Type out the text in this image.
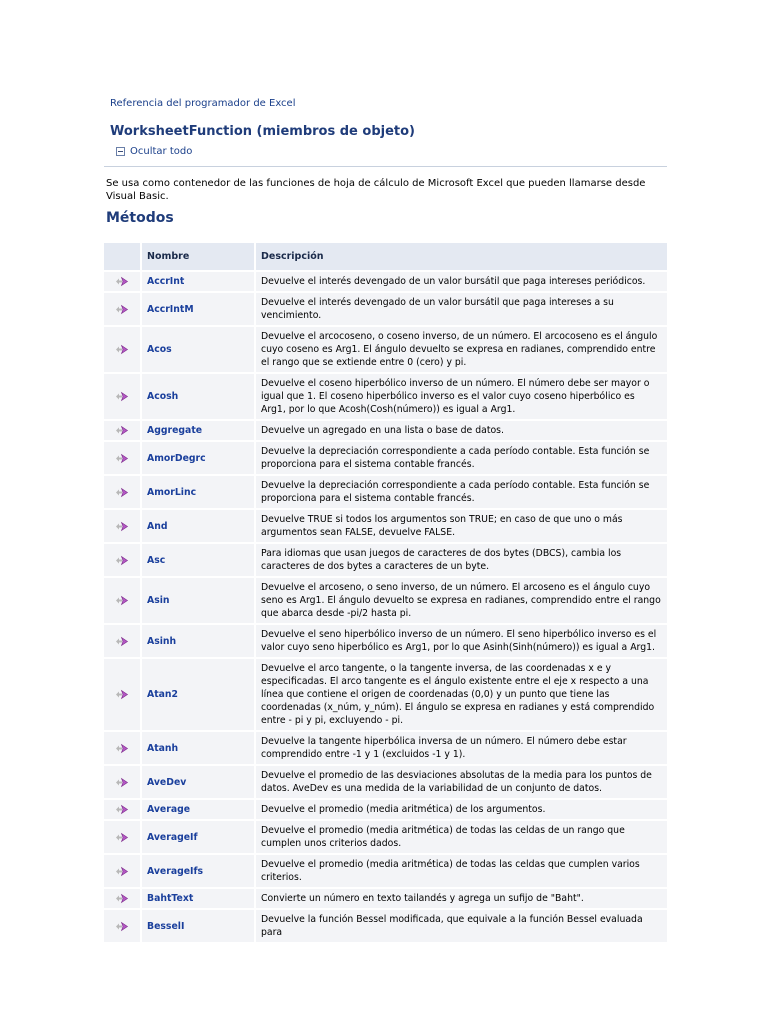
Referencia del programador de Excel
WorksheetFunction (miembros de objeto)
Ocultar todo
Se usa como contenedor de las funciones de hoja de cálculo de Microsoft Excel que pueden llamarse desde Visual Basic.
Métodos
	Nombre	Descripción
	AccrInt	Devuelve el interés devengado de un valor bursátil que paga intereses periódicos.
	AccrIntM	Devuelve el interés devengado de un valor bursátil que paga intereses a su vencimiento.
	Acos	Devuelve el arcocoseno, o coseno inverso, de un número. El arcocoseno es el ángulo cuyo coseno es Arg1. El ángulo devuelto se expresa en radianes, comprendido entre el rango que se extiende entre 0 (cero) y pi.
	Acosh	Devuelve el coseno hiperbólico inverso de un número. El número debe ser mayor o igual que 1. El coseno hiperbólico inverso es el valor cuyo coseno hiperbólico es Arg1, por lo que Acosh(Cosh(número)) es igual a Arg1.
	Aggregate	Devuelve un agregado en una lista o base de datos.
	AmorDegrc	Devuelve la depreciación correspondiente a cada período contable. Esta función se proporciona para el sistema contable francés.
	AmorLinc	Devuelve la depreciación correspondiente a cada período contable. Esta función se proporciona para el sistema contable francés.
	And	Devuelve TRUE si todos los argumentos son TRUE; en caso de que uno o más argumentos sean FALSE, devuelve FALSE.
	Asc	Para idiomas que usan juegos de caracteres de dos bytes (DBCS), cambia los caracteres de dos bytes a caracteres de un byte.
	Asin	Devuelve el arcoseno, o seno inverso, de un número. El arcoseno es el ángulo cuyo seno es Arg1. El ángulo devuelto se expresa en radianes, comprendido entre el rango que abarca desde -pi/2 hasta pi.
	Asinh	Devuelve el seno hiperbólico inverso de un número. El seno hiperbólico inverso es el valor cuyo seno hiperbólico es Arg1, por lo que Asinh(Sinh(número)) es igual a Arg1.
	Atan2	Devuelve el arco tangente, o la tangente inversa, de las coordenadas x e y especificadas. El arco tangente es el ángulo existente entre el eje x respecto a una línea que contiene el origen de coordenadas (0,0) y un punto que tiene las coordenadas (x_núm, y_núm). El ángulo se expresa en radianes y está comprendido entre - pi y pi, excluyendo - pi.
	Atanh	Devuelve la tangente hiperbólica inversa de un número. El número debe estar comprendido entre -1 y 1 (excluidos -1 y 1).
	AveDev	Devuelve el promedio de las desviaciones absolutas de la media para los puntos de datos. AveDev es una medida de la variabilidad de un conjunto de datos.
	Average	Devuelve el promedio (media aritmética) de los argumentos.
	AverageIf	Devuelve el promedio (media aritmética) de todas las celdas de un rango que cumplen unos criterios dados.
	AverageIfs	Devuelve el promedio (media aritmética) de todas las celdas que cumplen varios criterios.
	BahtText	Convierte un número en texto tailandés y agrega un sufijo de "Baht".
	BesselI	Devuelve la función Bessel modificada, que equivale a la función Bessel evaluada para
